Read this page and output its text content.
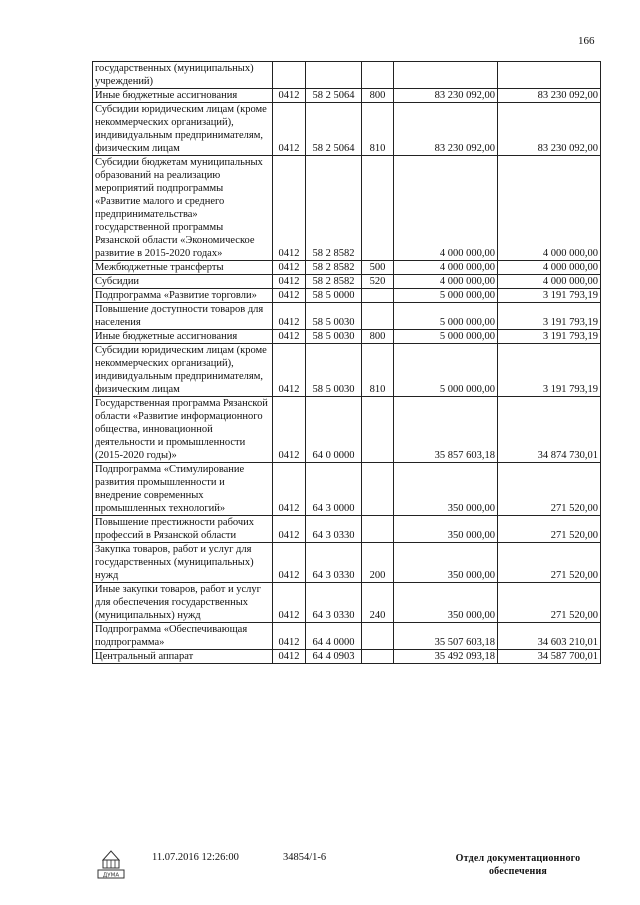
166
государственных (муниципальных) учреждений)					
Иные бюджетные ассигнования	0412	58 2 5064	800	83 230 092,00	83 230 092,00
Субсидии юридическим лицам (кроме некоммерческих организаций), индивидуальным предпринимателям, физическим лицам	0412	58 2 5064	810	83 230 092,00	83 230 092,00
Субсидии бюджетам муниципальных образований на реализацию мероприятий подпрограммы «Развитие малого и среднего предпринимательства» государственной программы Рязанской области «Экономическое развитие в 2015-2020 годах»	0412	58 2 8582		4 000 000,00	4 000 000,00
Межбюджетные трансферты	0412	58 2 8582	500	4 000 000,00	4 000 000,00
Субсидии	0412	58 2 8582	520	4 000 000,00	4 000 000,00
Подпрограмма «Развитие торговли»	0412	58 5 0000		5 000 000,00	3 191 793,19
Повышение доступности товаров для населения	0412	58 5 0030		5 000 000,00	3 191 793,19
Иные бюджетные ассигнования	0412	58 5 0030	800	5 000 000,00	3 191 793,19
Субсидии юридическим лицам (кроме некоммерческих организаций), индивидуальным предпринимателям, физическим лицам	0412	58 5 0030	810	5 000 000,00	3 191 793,19
Государственная программа Рязанской области «Развитие информационного общества, инновационной деятельности и промышленности (2015-2020 годы)»	0412	64 0 0000		35 857 603,18	34 874 730,01
Подпрограмма «Стимулирование развития промышленности и внедрение современных промышленных технологий»	0412	64 3 0000		350 000,00	271 520,00
Повышение престижности рабочих профессий в Рязанской области	0412	64 3 0330		350 000,00	271 520,00
Закупка товаров, работ и услуг для государственных (муниципальных) нужд	0412	64 3 0330	200	350 000,00	271 520,00
Иные закупки товаров, работ и услуг для обеспечения государственных (муниципальных) нужд	0412	64 3 0330	240	350 000,00	271 520,00
Подпрограмма «Обеспечивающая подпрограмма»	0412	64 4 0000		35 507 603,18	34 603 210,01
Центральный аппарат	0412	64 4 0903		35 492 093,18	34 587 700,01
ДУМА
11.07.2016 12:26:00	34854/1-6	Отдел документационного
обеспечения
